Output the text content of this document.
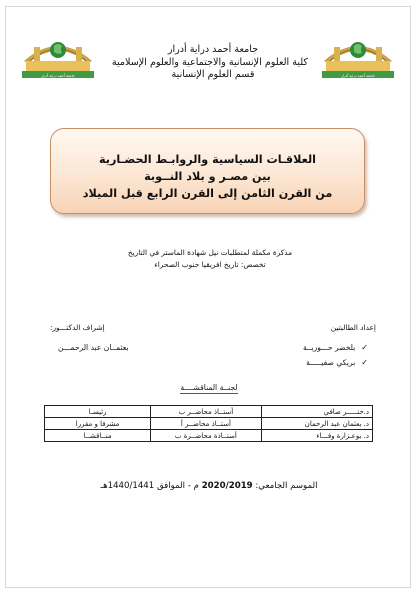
جامعة أحمد دراية أدرار
جامعة أحمد دراية أدرار
جامعة أحمد دراية أدرار
كلية العلوم الإنسانية والاجتماعية والعلوم الإسلامية
قسم العلوم الإنسانية
العلاقـات السياسية والروابـط الحضـارية
بين مصـر و بلاد النــوبة
من القرن الثامن إلى القرن الرابع قبل الميلاد
مذكرة مكملة لمتطلبات نيل شهادة الماستر في التاريخ
تخصص: تاريخ افريقيا جنوب الصحراء
إعداد الطالبتين
إشراف الدكتـــور:
✓بلخضر حـــوريــة
✓بريكي صفيـــــة
بعثمــان عبد الرحمـــن
لجنــة المناقشــــة
د.حتـــــر صافي	أستــاذ محاضــر ب	رئيسـا
د. بعثمان عبد الرحمان	أستــاذ محاضــر أ	مشرفا و مقررا
د. بوعـزارة وفـــاء	أستــاذة محاضــرة ب	منــاقشــا
الموسم الجامعي: 2020/2019 م - الموافق 1440/1441هـ
